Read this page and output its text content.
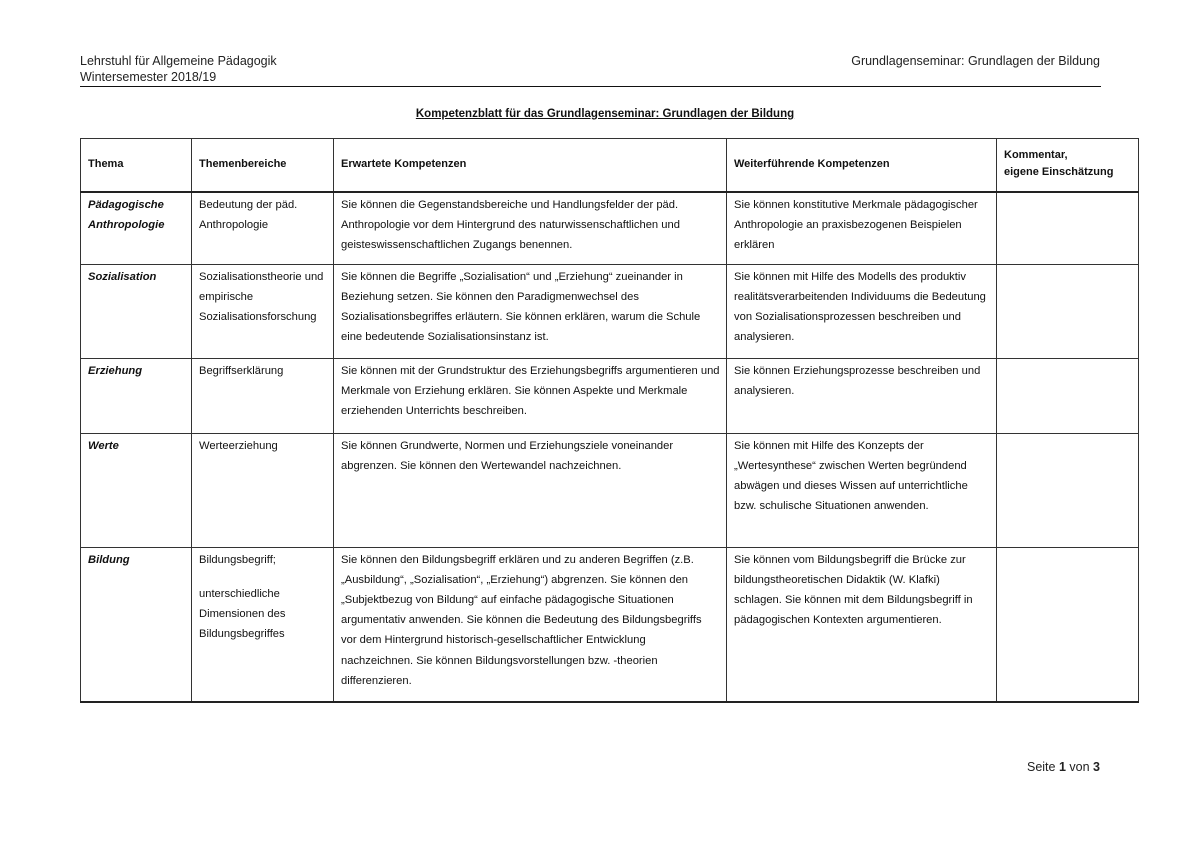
Lehrstuhl für Allgemeine Pädagogik
Wintersemester 2018/19
Grundlagenseminar: Grundlagen der Bildung
Kompetenzblatt für das Grundlagenseminar: Grundlagen der Bildung
Thema	Themenbereiche	Erwartete Kompetenzen	Weiterführende Kompetenzen	Kommentar,
eigene Einschätzung

Pädagogische
Anthropologie	Bedeutung der päd. Anthropologie	Sie können die Gegenstandsbereiche und Handlungsfelder der päd. Anthropologie vor dem Hintergrund des naturwissenschaftlichen und geisteswissenschaftlichen Zugangs benennen.	Sie können konstitutive Merkmale pädagogischer Anthropologie an praxisbezogenen Beispielen erklären	

Sozialisation	Sozialisationstheorie und empirische Sozialisationsforschung	Sie können die Begriffe „Sozialisation“ und „Erziehung“ zueinander in Beziehung setzen. Sie können den Paradigmenwechsel des Sozialisationsbegriffes erläutern. Sie können erklären, warum die Schule eine bedeutende Sozialisationsinstanz ist.	Sie können mit Hilfe des Modells des produktiv realitätsverarbeitenden Individuums die Bedeutung von Sozialisationsprozessen beschreiben und analysieren.	

Erziehung	Begriffserklärung	Sie können mit der Grundstruktur des Erziehungsbegriffs argumentieren und Merkmale von Erziehung erklären. Sie können Aspekte und Merkmale erziehenden Unterrichts beschreiben.	Sie können Erziehungsprozesse beschreiben und analysieren.	

Werte	Werteerziehung	Sie können Grundwerte, Normen und Erziehungsziele voneinander abgrenzen. Sie können den Wertewandel nachzeichnen.	Sie können mit Hilfe des Konzepts der „Wertesynthese“ zwischen Werten begründend abwägen und dieses Wissen auf unterrichtliche bzw. schulische Situationen anwenden.	

Bildung	Bildungsbegriff;
unterschiedliche Dimensionen des Bildungsbegriffes	Sie können den Bildungsbegriff erklären und zu anderen Begriffen (z.B. „Ausbildung“, „Sozialisation“, „Erziehung“) abgrenzen. Sie können den „Subjektbezug von Bildung“ auf einfache pädagogische Situationen argumentativ anwenden. Sie können die Bedeutung des Bildungsbegriffs vor dem Hintergrund historisch-gesellschaftlicher Entwicklung nachzeichnen. Sie können Bildungsvorstellungen bzw. -theorien differenzieren.	Sie können vom Bildungsbegriff die Brücke zur bildungstheoretischen Didaktik (W. Klafki) schlagen. Sie können mit dem Bildungsbegriff in pädagogischen Kontexten argumentieren.	
Seite 1 von 3
